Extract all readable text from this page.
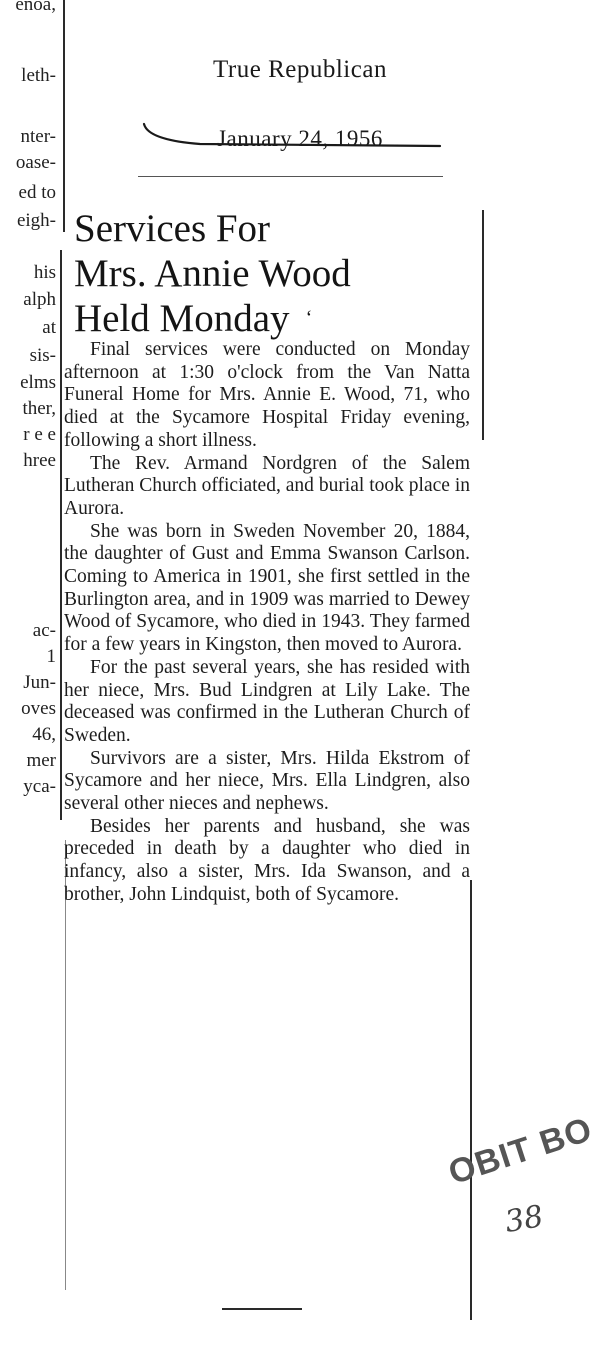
enoa,
leth-
nter-
oase-
ed to
eigh-
his
alph
at
sis-
elms
ther,
r e e
hree
ac-
1
Jun-
oves
46,
mer
yca-
True Republican
January 24, 1956
Services For
Mrs. Annie Wood
Held Monday ‘

Final services were conducted on Monday afternoon at 1:30 o'clock from the Van Natta Funeral Home for Mrs. Annie E. Wood, 71, who died at the Sycamore Hospital Friday evening, following a short illness.

The Rev. Armand Nordgren of the Salem Lutheran Church officiated, and burial took place in Aurora.

She was born in Sweden November 20, 1884, the daughter of Gust and Emma Swanson Carlson. Coming to America in 1901, she first settled in the Burlington area, and in 1909 was married to Dewey Wood of Sycamore, who died in 1943. They farmed for a few years in Kingston, then moved to Aurora.

For the past several years, she has resided with her niece, Mrs. Bud Lindgren at Lily Lake. The deceased was confirmed in the Lutheran Church of Sweden.

Survivors are a sister, Mrs. Hilda Ekstrom of Sycamore and her niece, Mrs. Ella Lindgren, also several other nieces and nephews.

Besides her parents and husband, she was preceded in death by a daughter who died in infancy, also a sister, Mrs. Ida Swanson, and a brother, John Lindquist, both of Sycamore.

OBIT BO
38
